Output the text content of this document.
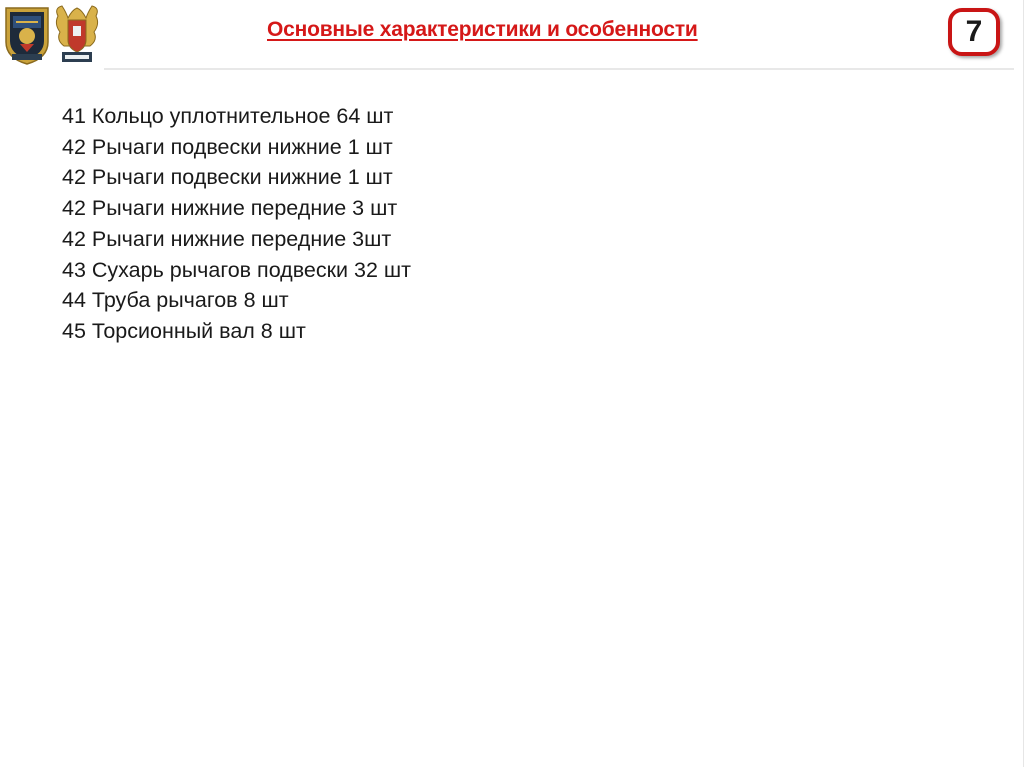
Основные характеристики и особенности	7
41 Кольцо уплотнительное 64 шт
42 Рычаги подвески нижние 1 шт
42 Рычаги подвески нижние 1 шт
42 Рычаги нижние передние 3 шт
42 Рычаги нижние передние 3шт
43 Сухарь рычагов подвески 32 шт
44 Труба рычагов 8 шт
45 Торсионный вал 8 шт
